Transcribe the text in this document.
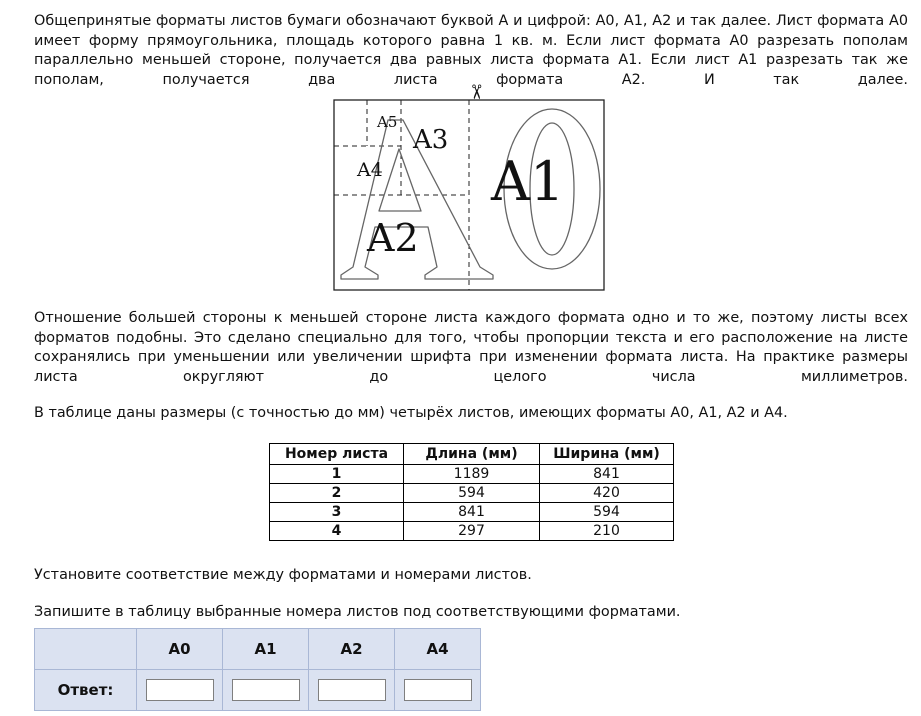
Общепринятые форматы листов бумаги обозначают буквой А и цифрой: А0, А1, А2 и так далее. Лист формата А0 имеет форму прямоугольника, площадь которого равна 1 кв. м. Если лист формата А0 разрезать пополам параллельно меньшей стороне, получается два равных листа формата А1. Если лист А1 разрезать так же пополам, получается два листа формата А2. И так далее.

A5
A3
A4 A1
A2
✂

Отношение большей стороны к меньшей стороне листа каждого формата одно и то же, поэтому листы всех форматов подобны. Это сделано специально для того, чтобы пропорции текста и его расположение на листе сохранялись при уменьшении или увеличении шрифта при изменении формата листа. На практике размеры листа округляют до целого числа миллиметров.

В таблице даны размеры (с точностью до мм) четырёх листов, имеющих форматы А0, А1, А2 и А4.

Номер листа	Длина (мм)	Ширина (мм)
1	1189	841
2	594	420
3	841	594
4	297	210

Установите соответствие между форматами и номерами листов.

Запишите в таблицу выбранные номера листов под соответствующими форматами.

	А0	А1	А2	А4
Ответ:	
